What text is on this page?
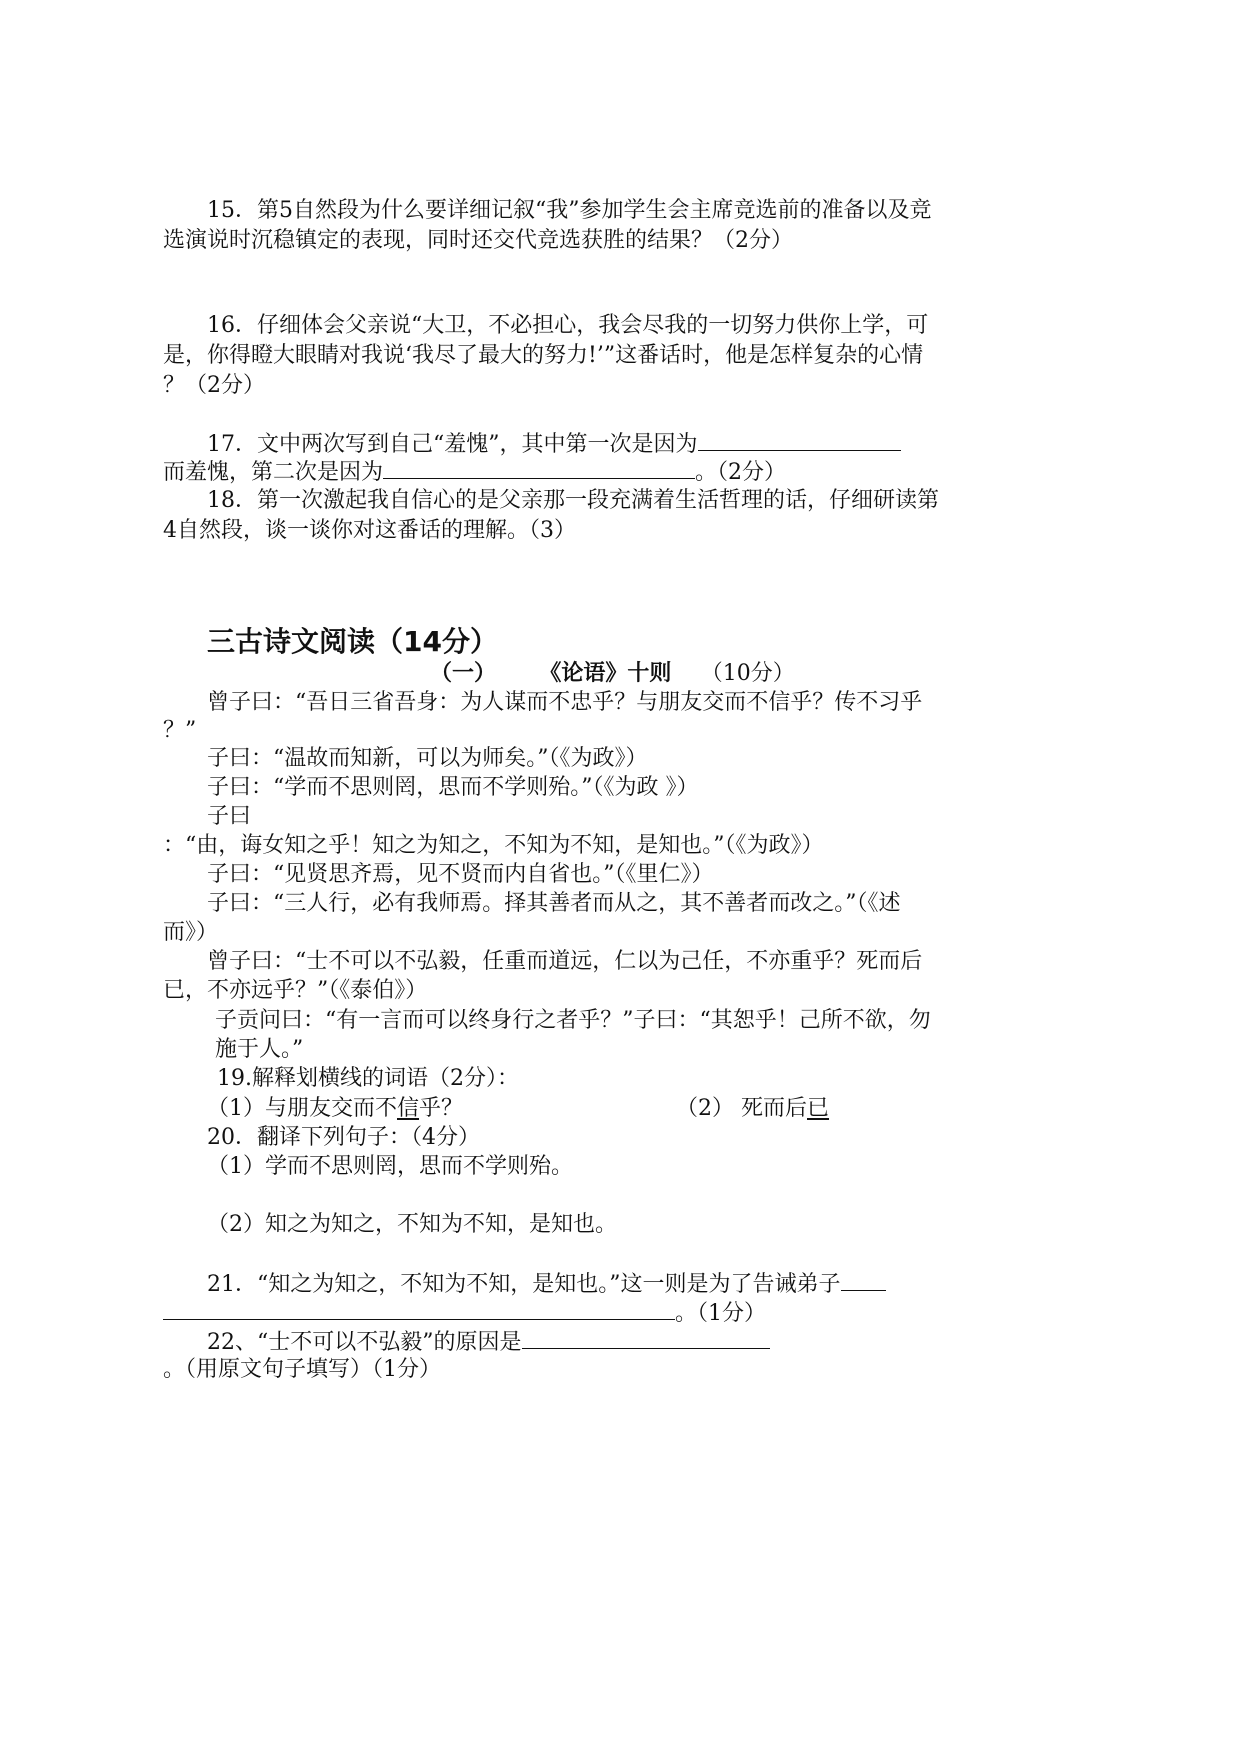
15．第5自然段为什么要详细记叙“我”参加学生会主席竞选前的准备以及竞
选演说时沉稳镇定的表现，同时还交代竞选获胜的结果？（2分）
16．仔细体会父亲说“大卫，不必担心，我会尽我的一切努力供你上学，可
是，你得瞪大眼睛对我说‘我尽了最大的努力!’”这番话时，他是怎样复杂的心情
？（2分）
17．文中两次写到自己“羞愧”，其中第一次是因为
而羞愧，第二次是因为	。（2分）
18．第一次激起我自信心的是父亲那一段充满着生活哲理的话，仔细研读第
4自然段，谈一谈你对这番话的理解。（3）
三古诗文阅读（14分）
（一） 《论语》十则 （10分）
曾子曰：“吾日三省吾身：为人谋而不忠乎？与朋友交而不信乎？传不习乎
？”
子曰：“温故而知新，可以为师矣。”（《为政》）
子曰：“学而不思则罔，思而不学则殆。”（《为政 》）
子曰
：“由，诲女知之乎！知之为知之，不知为不知，是知也。”（《为政》）
子曰：“见贤思齐焉，见不贤而内自省也。”（《里仁》）
子曰：“三人行，必有我师焉。择其善者而从之，其不善者而改之。”（《述
而》）
曾子曰：“士不可以不弘毅，任重而道远，仁以为己任，不亦重乎？死而后
已，不亦远乎？”（《泰伯》）
子贡问曰：“有一言而可以终身行之者乎？”子曰：“其恕乎！己所不欲，勿
施于人。”
19.解释划横线的词语（2分）：
（1）与朋友交而不信乎？	（2） 死而后已
20．翻译下列句子：（4分）
（1）学而不思则罔，思而不学则殆。
（2）知之为知之，不知为不知，是知也。
21．“知之为知之，不知为不知，是知也。”这一则是为了告诫弟子
。（1分）
22、“士不可以不弘毅”的原因是
。（用原文句子填写）（1分）
